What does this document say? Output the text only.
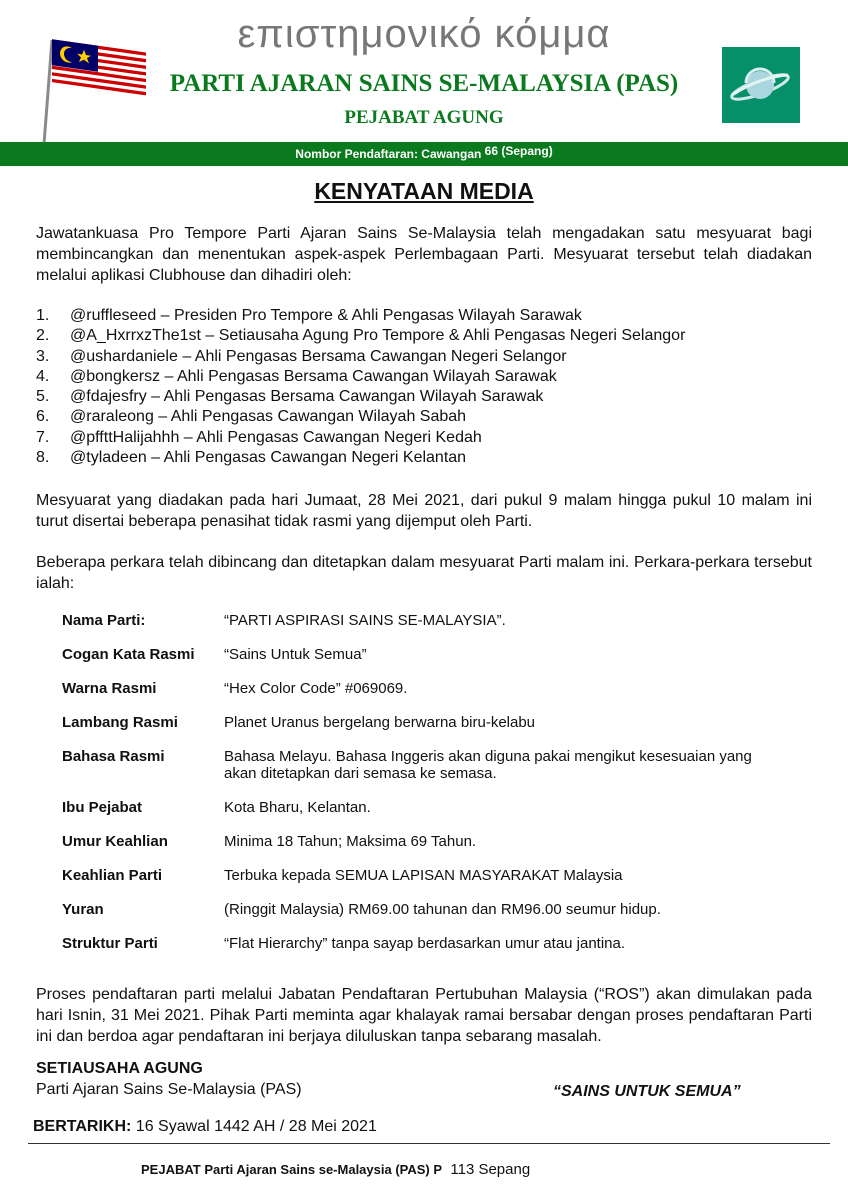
επιστημονικό κόμμα
PARTI AJARAN SAINS SE-MALAYSIA (PAS)
PEJABAT AGUNG
Nombor Pendaftaran: Cawangan 66 (Sepang)
KENYATAAN MEDIA

Jawatankuasa Pro Tempore Parti Ajaran Sains Se-Malaysia telah mengadakan satu mesyuarat bagi membincangkan dan menentukan aspek-aspek Perlembagaan Parti. Mesyuarat tersebut telah diadakan melalui aplikasi Clubhouse dan dihadiri oleh:

1.	@ruffleseed – Presiden Pro Tempore & Ahli Pengasas Wilayah Sarawak
2.	@A_HxrrxzThe1st – Setiausaha Agung Pro Tempore & Ahli Pengasas Negeri Selangor
3.	@ushardaniele – Ahli Pengasas Bersama Cawangan Negeri Selangor
4.	@bongkersz – Ahli Pengasas Bersama Cawangan Wilayah Sarawak
5.	@fdajesfry – Ahli Pengasas Bersama Cawangan Wilayah Sarawak
6.	@raraleong – Ahli Pengasas Cawangan Wilayah Sabah
7.	@pffttHalijahhh – Ahli Pengasas Cawangan Negeri Kedah
8.	@tyladeen – Ahli Pengasas Cawangan Negeri Kelantan

Mesyuarat yang diadakan pada hari Jumaat, 28 Mei 2021, dari pukul 9 malam hingga pukul 10 malam ini turut disertai beberapa penasihat tidak rasmi yang dijemput oleh Parti.

Beberapa perkara telah dibincang dan ditetapkan dalam mesyuarat Parti malam ini. Perkara-perkara tersebut ialah:

Nama Parti:	“PARTI ASPIRASI SAINS SE-MALAYSIA”.
Cogan Kata Rasmi	“Sains Untuk Semua”
Warna Rasmi	“Hex Color Code” #069069.
Lambang Rasmi	Planet Uranus bergelang berwarna biru-kelabu
Bahasa Rasmi	Bahasa Melayu. Bahasa Inggeris akan diguna pakai mengikut kesesuaian yang akan ditetapkan dari semasa ke semasa.
Ibu Pejabat	Kota Bharu, Kelantan.
Umur Keahlian	Minima 18 Tahun; Maksima 69 Tahun.
Keahlian Parti	Terbuka kepada SEMUA LAPISAN MASYARAKAT Malaysia
Yuran	(Ringgit Malaysia) RM69.00 tahunan dan RM96.00 seumur hidup.
Struktur Parti	“Flat Hierarchy” tanpa sayap berdasarkan umur atau jantina.

Proses pendaftaran parti melalui Jabatan Pendaftaran Pertubuhan Malaysia (“ROS”) akan dimulakan pada hari Isnin, 31 Mei 2021. Pihak Parti meminta agar khalayak ramai bersabar dengan proses pendaftaran Parti ini dan berdoa agar pendaftaran ini berjaya diluluskan tanpa sebarang masalah.

SETIAUSAHA AGUNG
Parti Ajaran Sains Se-Malaysia (PAS)	“SAINS UNTUK SEMUA”
BERTARIKH: 16 Syawal 1442 AH / 28 Mei 2021
PEJABAT Parti Ajaran Sains se-Malaysia (PAS) P 113 Sepang
